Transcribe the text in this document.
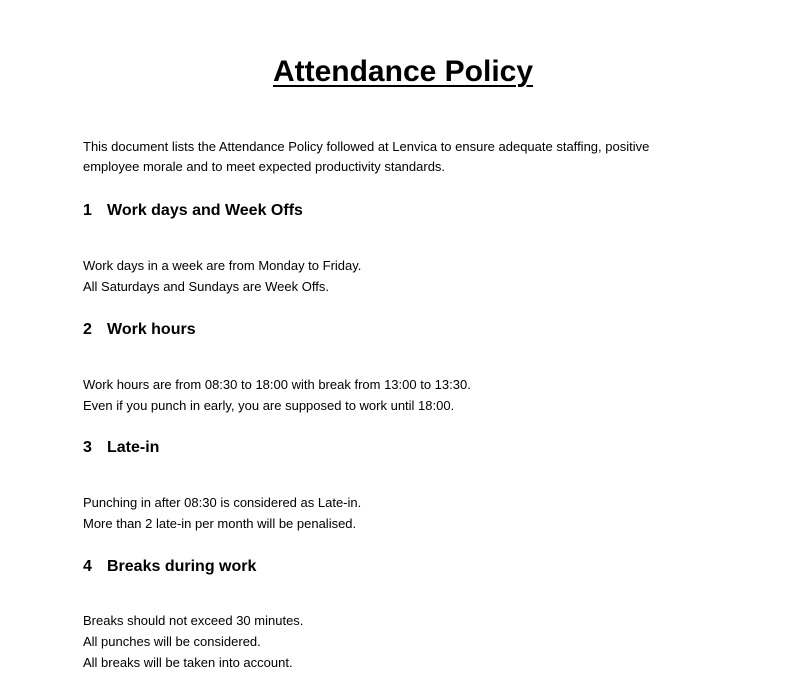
Attendance Policy
This document lists the Attendance Policy followed at Lenvica to ensure adequate staffing, positive
employee morale and to meet expected productivity standards.
1 Work days and Week Offs
Work days in a week are from Monday to Friday.
All Saturdays and Sundays are Week Offs.
2 Work hours
Work hours are from 08:30 to 18:00 with break from 13:00 to 13:30.
Even if you punch in early, you are supposed to work until 18:00.
3 Late-in
Punching in after 08:30 is considered as Late-in.
More than 2 late-in per month will be penalised.
4 Breaks during work
Breaks should not exceed 30 minutes.
All punches will be considered.
All breaks will be taken into account.
